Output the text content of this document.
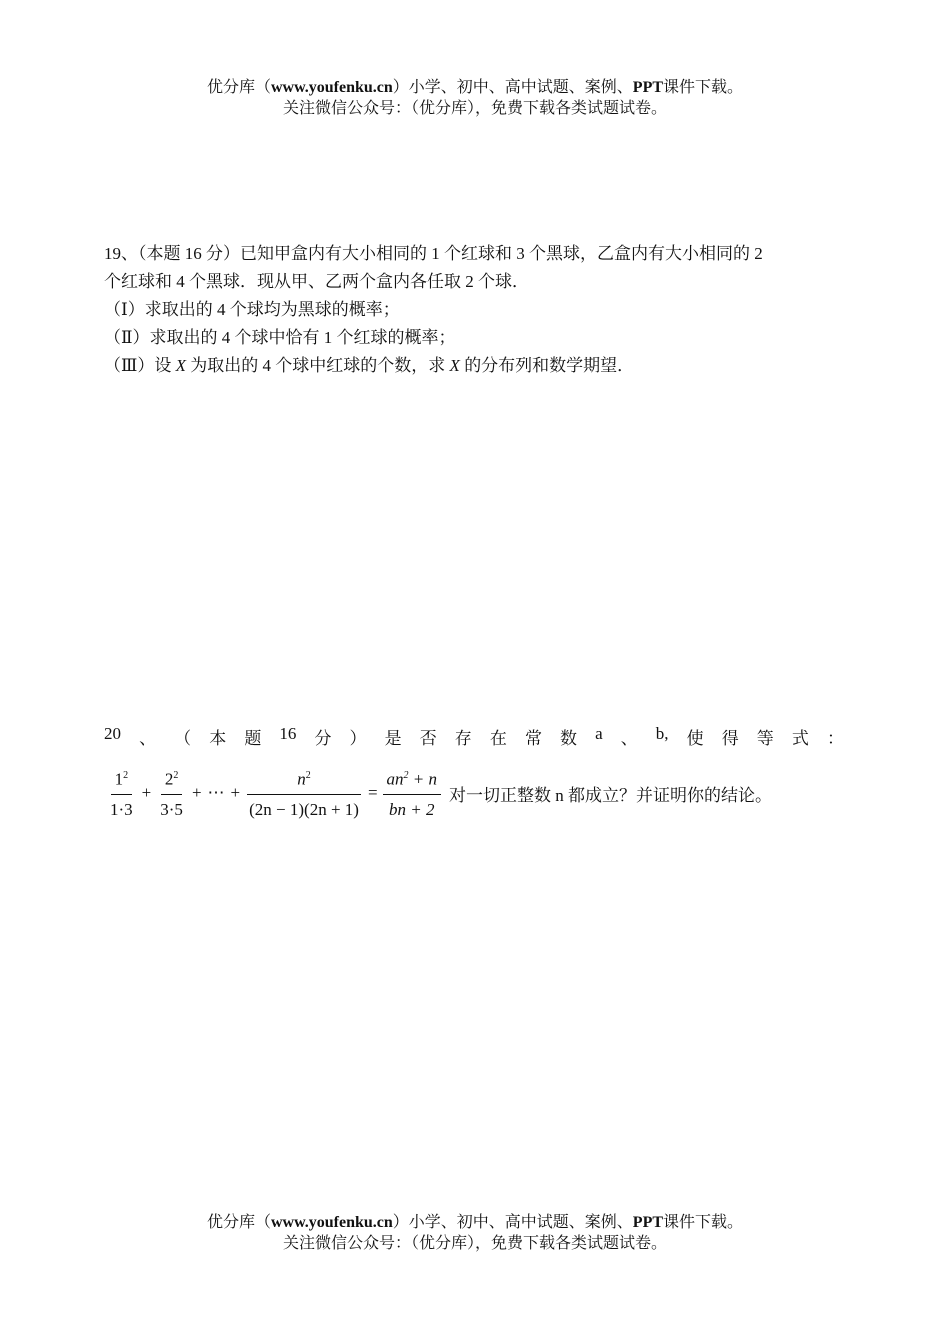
优分库（www.youfenku.cn）小学、初中、高中试题、案例、PPT课件下载。
关注微信公众号：（优分库），免费下载各类试题试卷。

19、（本题 16 分）已知甲盒内有大小相同的 1 个红球和 3 个黑球，乙盒内有大小相同的 2

个红球和 4 个黑球．现从甲、乙两个盒内各任取 2 个球．

（Ⅰ）求取出的 4 个球均为黑球的概率；

（Ⅱ）求取出的 4 个球中恰有 1 个红球的概率；

（Ⅲ）设 X 为取出的 4 个球中红球的个数，求 X 的分布列和数学期望．

20 、 （ 本 题 16 分 ） 是 否 存 在 常 数 a 、 b, 使 得 等 式 ：
$\frac{1^2}{1\cdot 3} + \frac{2^2}{3\cdot 5}$ + ⋯ + $\frac{n^2}{(2n - 1)(2n + 1)} = \frac{an^2 + n}{bn + 2}$ 对一切正整数 n 都成立？并证明你的结论。
优分库（www.youfenku.cn）小学、初中、高中试题、案例、PPT课件下载。
关注微信公众号：（优分库），免费下载各类试题试卷。
